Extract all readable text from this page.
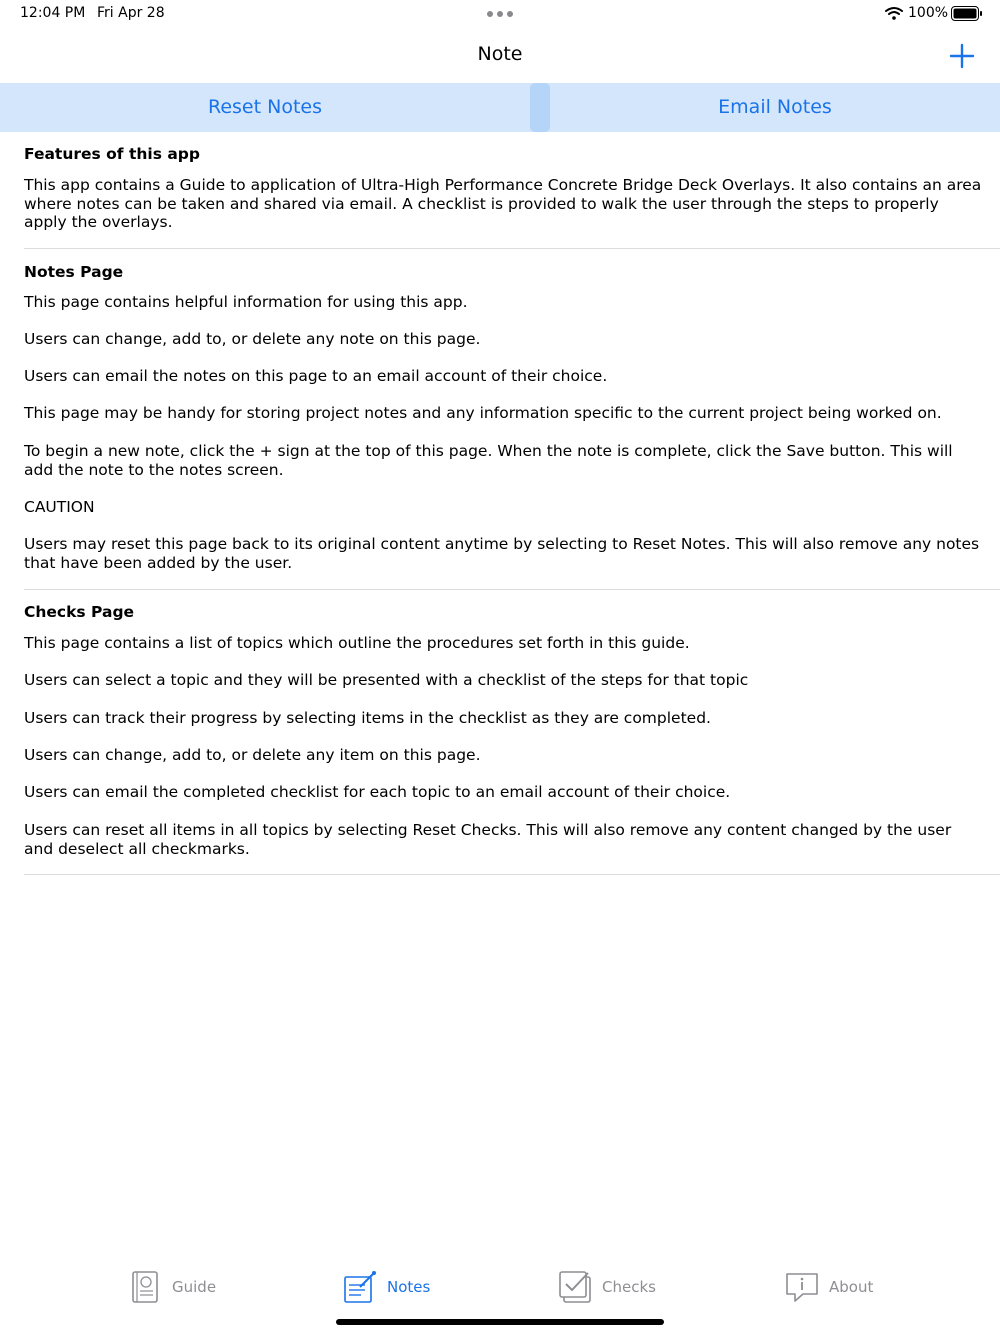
12:04 PM Fri Apr 28	100%
Note
Reset Notes	Email Notes
Features of this app
This app contains a Guide to application of Ultra-High Performance Concrete Bridge Deck Overlays. It also contains an area where notes can be taken and shared via email. A checklist is provided to walk the user through the steps to properly apply the overlays.
Notes Page
This page contains helpful information for using this app.
Users can change, add to, or delete any note on this page.
Users can email the notes on this page to an email account of their choice.
This page may be handy for storing project notes and any information specific to the current project being worked on.
To begin a new note, click the + sign at the top of this page. When the note is complete, click the Save button. This will add the note to the notes screen.
CAUTION
Users may reset this page back to its original content anytime by selecting to Reset Notes. This will also remove any notes that have been added by the user.
Checks Page
This page contains a list of topics which outline the procedures set forth in this guide.
Users can select a topic and they will be presented with a checklist of the steps for that topic
Users can track their progress by selecting items in the checklist as they are completed.
Users can change, add to, or delete any item on this page.
Users can email the completed checklist for each topic to an email account of their choice.
Users can reset all items in all topics by selecting Reset Checks. This will also remove any content changed by the user and deselect all checkmarks.
Guide	Notes	Checks	About
